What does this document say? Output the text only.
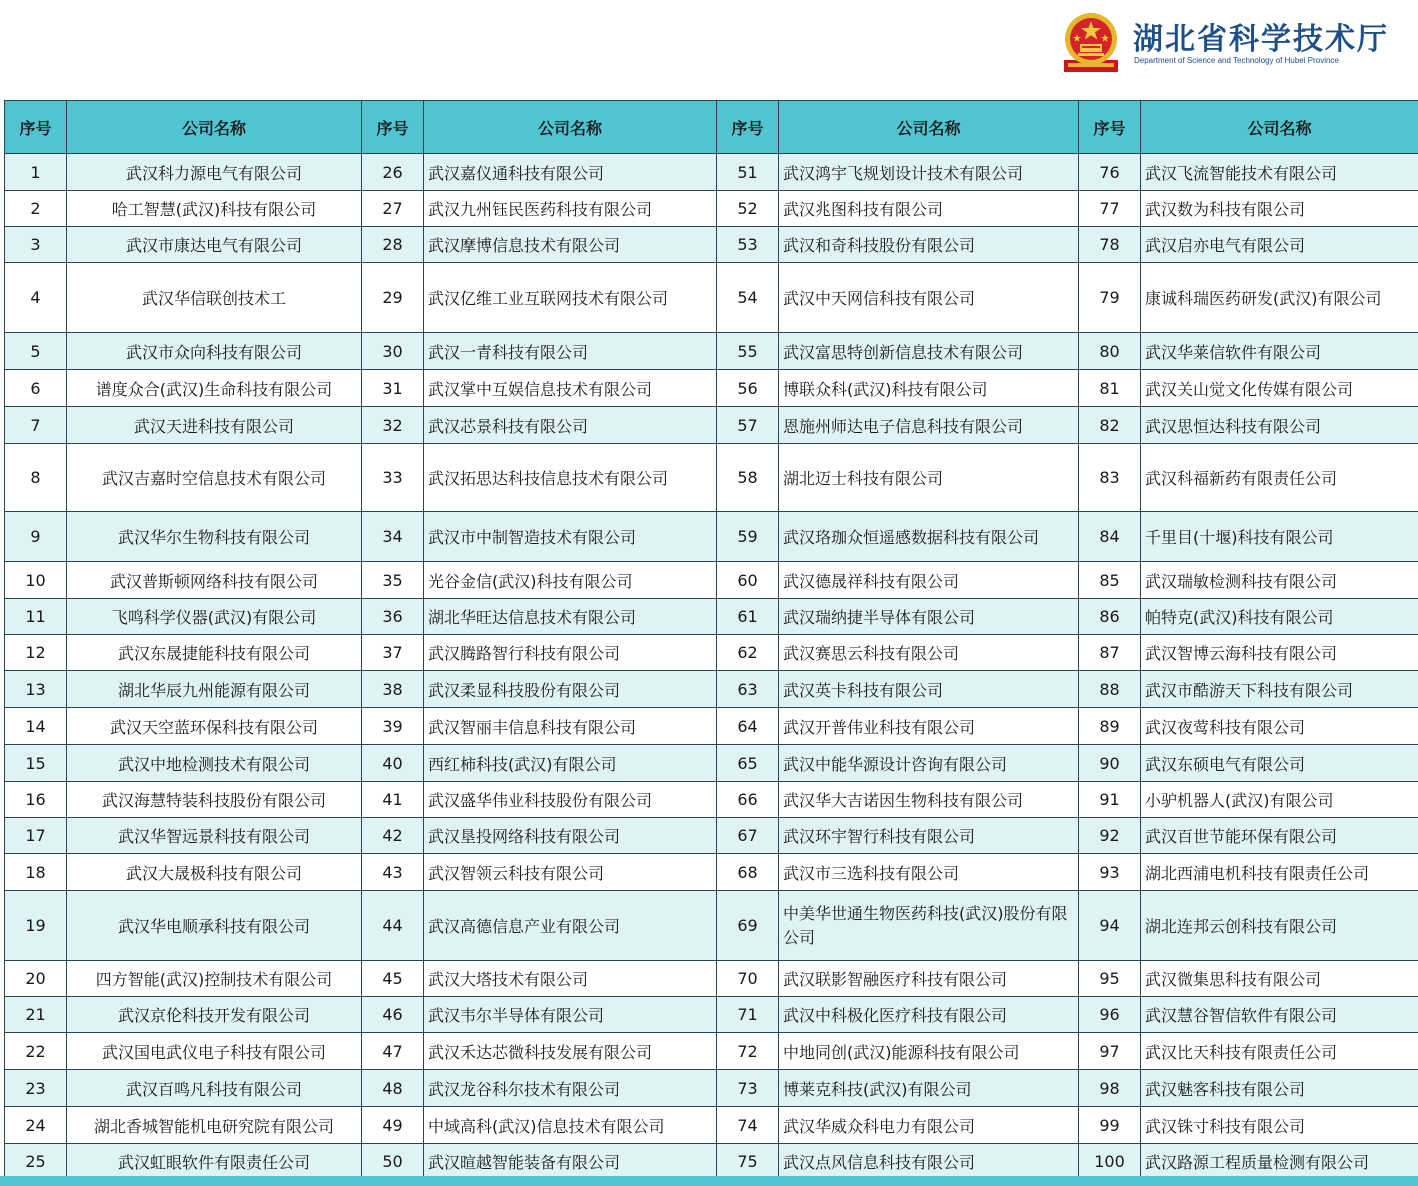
湖北省科学技术厅
Department of Science and Technology of Hubei Province
序号	公司名称	序号	公司名称	序号	公司名称	序号	公司名称
1	武汉科力源电气有限公司	26	武汉嘉仪通科技有限公司	51	武汉鸿宇飞规划设计技术有限公司	76	武汉飞流智能技术有限公司
2	哈工智慧(武汉)科技有限公司	27	武汉九州钰民医药科技有限公司	52	武汉兆图科技有限公司	77	武汉数为科技有限公司
3	武汉市康达电气有限公司	28	武汉摩博信息技术有限公司	53	武汉和奇科技股份有限公司	78	武汉启亦电气有限公司
4	武汉华信联创技术工	29	武汉亿维工业互联网技术有限公司	54	武汉中天网信科技有限公司	79	康诚科瑞医药研发(武汉)有限公司
5	武汉市众向科技有限公司	30	武汉一青科技有限公司	55	武汉富思特创新信息技术有限公司	80	武汉华莱信软件有限公司
6	谱度众合(武汉)生命科技有限公司	31	武汉掌中互娱信息技术有限公司	56	博联众科(武汉)科技有限公司	81	武汉关山觉文化传媒有限公司
7	武汉天进科技有限公司	32	武汉芯景科技有限公司	57	恩施州师达电子信息科技有限公司	82	武汉思恒达科技有限公司
8	武汉吉嘉时空信息技术有限公司	33	武汉拓思达科技信息技术有限公司	58	湖北迈士科技有限公司	83	武汉科福新药有限责任公司
9	武汉华尔生物科技有限公司	34	武汉市中制智造技术有限公司	59	武汉珞珈众恒遥感数据科技有限公司	84	千里目(十堰)科技有限公司
10	武汉普斯顿网络科技有限公司	35	光谷金信(武汉)科技有限公司	60	武汉德晟祥科技有限公司	85	武汉瑞敏检测科技有限公司
11	飞鸣科学仪器(武汉)有限公司	36	湖北华旺达信息技术有限公司	61	武汉瑞纳捷半导体有限公司	86	帕特克(武汉)科技有限公司
12	武汉东晟捷能科技有限公司	37	武汉腾路智行科技有限公司	62	武汉赛思云科技有限公司	87	武汉智博云海科技有限公司
13	湖北华辰九州能源有限公司	38	武汉柔显科技股份有限公司	63	武汉英卡科技有限公司	88	武汉市酷游天下科技有限公司
14	武汉天空蓝环保科技有限公司	39	武汉智丽丰信息科技有限公司	64	武汉开普伟业科技有限公司	89	武汉夜莺科技有限公司
15	武汉中地检测技术有限公司	40	西红柿科技(武汉)有限公司	65	武汉中能华源设计咨询有限公司	90	武汉东硕电气有限公司
16	武汉海慧特装科技股份有限公司	41	武汉盛华伟业科技股份有限公司	66	武汉华大吉诺因生物科技有限公司	91	小驴机器人(武汉)有限公司
17	武汉华智远景科技有限公司	42	武汉垦投网络科技有限公司	67	武汉环宇智行科技有限公司	92	武汉百世节能环保有限公司
18	武汉大晟极科技有限公司	43	武汉智领云科技有限公司	68	武汉市三选科技有限公司	93	湖北西浦电机科技有限责任公司
19	武汉华电顺承科技有限公司	44	武汉高德信息产业有限公司	69	中美华世通生物医药科技(武汉)股份有限公司	94	湖北连邦云创科技有限公司
20	四方智能(武汉)控制技术有限公司	45	武汉大塔技术有限公司	70	武汉联影智融医疗科技有限公司	95	武汉微集思科技有限公司
21	武汉京伦科技开发有限公司	46	武汉韦尔半导体有限公司	71	武汉中科极化医疗科技有限公司	96	武汉慧谷智信软件有限公司
22	武汉国电武仪电子科技有限公司	47	武汉禾达芯微科技发展有限公司	72	中地同创(武汉)能源科技有限公司	97	武汉比天科技有限责任公司
23	武汉百鸣凡科技有限公司	48	武汉龙谷科尔技术有限公司	73	博莱克科技(武汉)有限公司	98	武汉魅客科技有限公司
24	湖北香城智能机电研究院有限公司	49	中域高科(武汉)信息技术有限公司	74	武汉华威众科电力有限公司	99	武汉铢寸科技有限公司
25	武汉虹眼软件有限责任公司	50	武汉暄越智能装备有限公司	75	武汉点风信息科技有限公司	100	武汉路源工程质量检测有限公司
